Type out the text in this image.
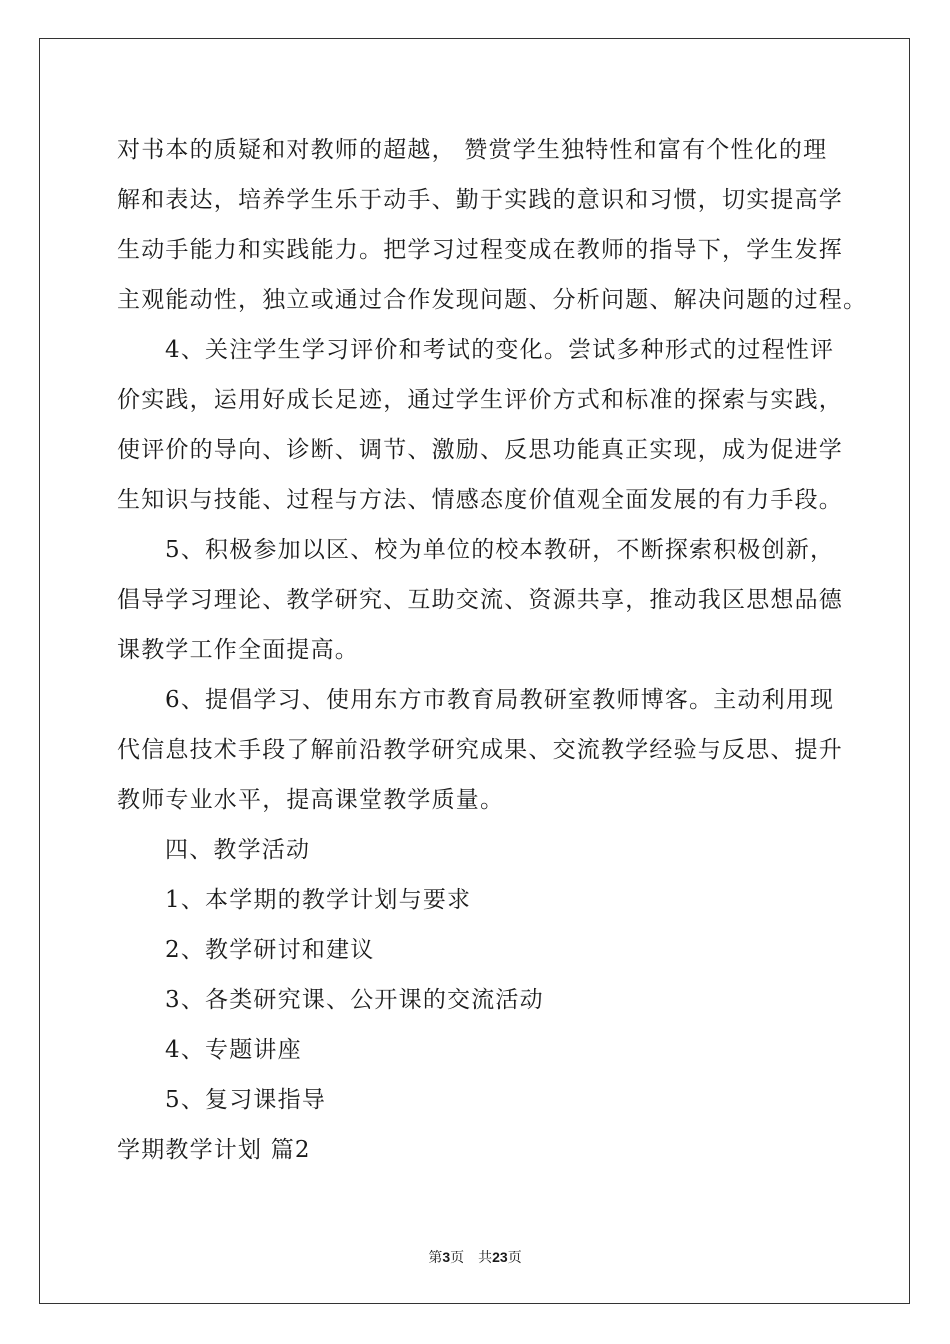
对书本的质疑和对教师的超越， 赞赏学生独特性和富有个性化的理
解和表达，培养学生乐于动手、勤于实践的意识和习惯，切实提高学
生动手能力和实践能力。把学习过程变成在教师的指导下，学生发挥
主观能动性，独立或通过合作发现问题、分析问题、解决问题的过程。
4、关注学生学习评价和考试的变化。尝试多种形式的过程性评
价实践，运用好成长足迹，通过学生评价方式和标准的探索与实践，
使评价的导向、诊断、调节、激励、反思功能真正实现，成为促进学
生知识与技能、过程与方法、情感态度价值观全面发展的有力手段。
5、积极参加以区、校为单位的校本教研，不断探索积极创新，
倡导学习理论、教学研究、互助交流、资源共享，推动我区思想品德
课教学工作全面提高。
6、提倡学习、使用东方市教育局教研室教师博客。主动利用现
代信息技术手段了解前沿教学研究成果、交流教学经验与反思、提升
教师专业水平，提高课堂教学质量。
四、教学活动
1、本学期的教学计划与要求
2、教学研讨和建议
3、各类研究课、公开课的交流活动
4、专题讲座
5、复习课指导
学期教学计划 篇2
第3页 共23页
